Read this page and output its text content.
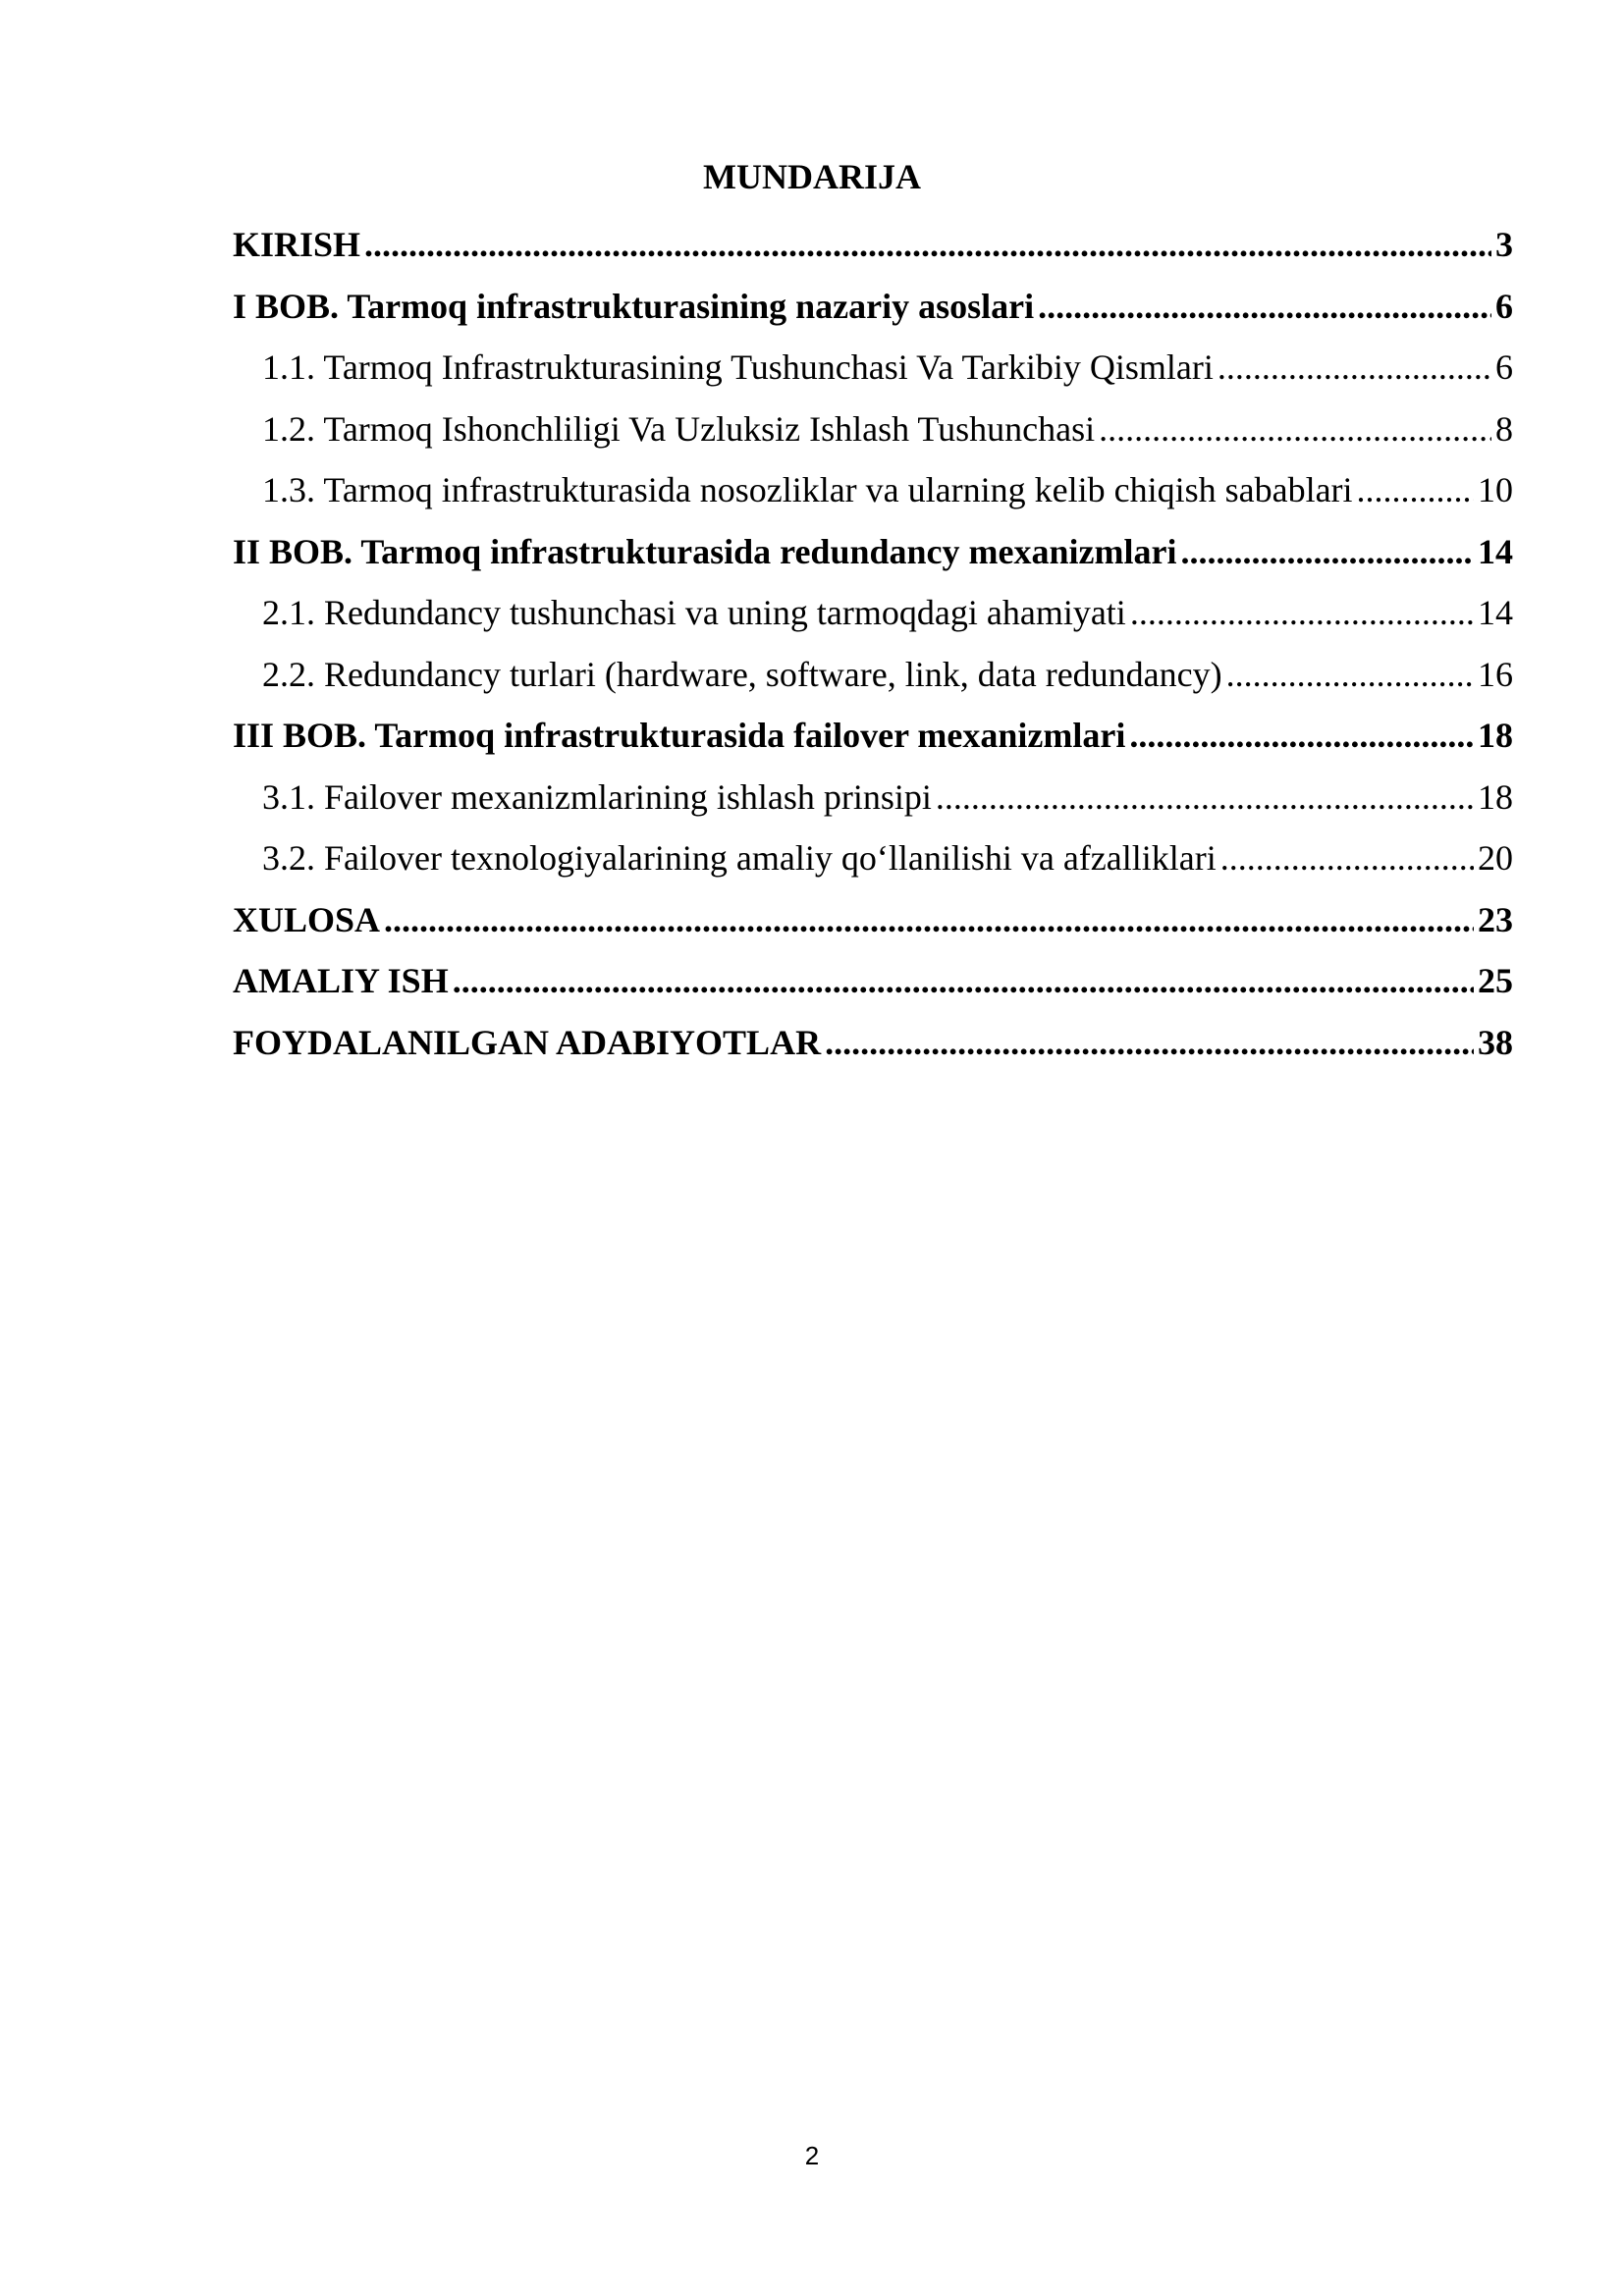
MUNDARIJA
KIRISH .....	3
I BOB. Tarmoq infrastrukturasining nazariy asoslari .....	6
1.1. Tarmoq Infrastrukturasining Tushunchasi Va Tarkibiy Qismlari .....	6
1.2. Tarmoq Ishonchliligi Va Uzluksiz Ishlash Tushunchasi .....	8
1.3. Tarmoq infrastrukturasida nosozliklar va ularning kelib chiqish sabablari .....	10
II BOB. Tarmoq infrastrukturasida redundancy mexanizmlari .....	14
2.1. Redundancy tushunchasi va uning tarmoqdagi ahamiyati .....	14
2.2. Redundancy turlari (hardware, software, link, data redundancy) .....	16
III BOB. Tarmoq infrastrukturasida failover mexanizmlari .....	18
3.1. Failover mexanizmlarining ishlash prinsipi .....	18
3.2. Failover texnologiyalarining amaliy qo‘llanilishi va afzalliklari .....	20
XULOSA .....	23
AMALIY ISH .....	25
FOYDALANILGAN ADABIYOTLAR .....	38
2
